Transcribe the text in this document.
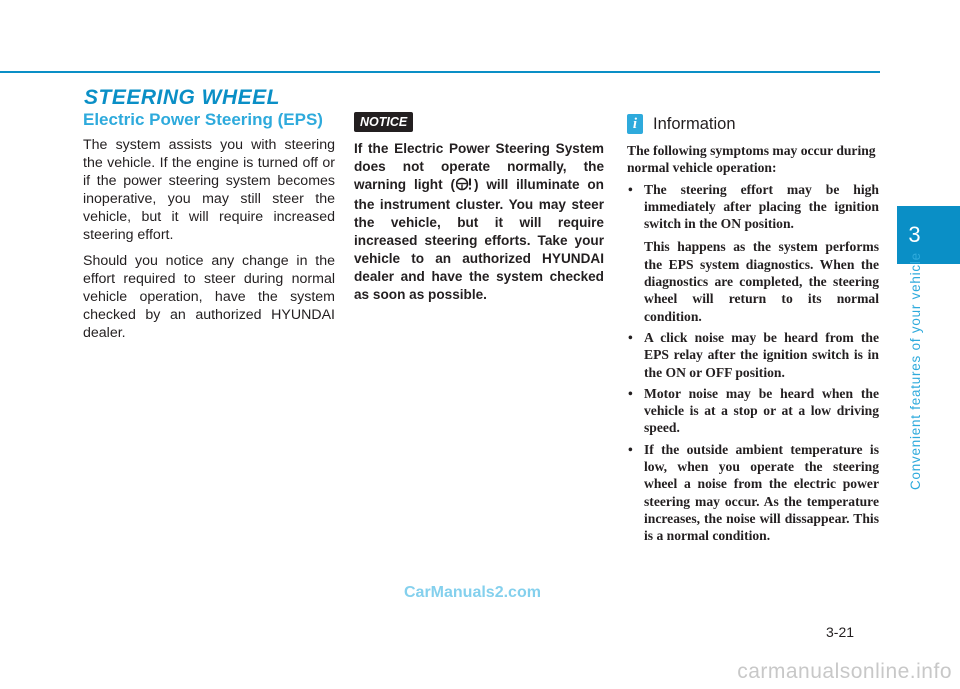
STEERING WHEEL
Electric Power Steering (EPS)

The system assists you with steering the vehicle. If the engine is turned off or if the power steering system becomes inoperative, you may still steer the vehicle, but it will require increased steering effort.

Should you notice any change in the effort required to steer during normal vehicle operation, have the system checked by an authorized HYUNDAI dealer.

NOTICE

If the Electric Power Steering System does not operate normally, the warning light ( ) will illuminate on the instrument cluster. You may steer the vehicle, but it will require increased steering efforts. Take your vehicle to an authorized HYUNDAI dealer and have the system checked as soon as possible.

i Information

The following symptoms may occur during normal vehicle operation:

• The steering effort may be high immediately after placing the ignition switch in the ON position.
This happens as the system performs the EPS system diagnostics. When the diagnostics are completed, the steering wheel will return to its normal condition.
• A click noise may be heard from the EPS relay after the ignition switch is in the ON or OFF position.
• Motor noise may be heard when the vehicle is at a stop or at a low driving speed.
• If the outside ambient temperature is low, when you operate the steering wheel a noise from the electric power steering may occur. As the temperature increases, the noise will dissappear. This is a normal condition.
3
Convenient features of your vehicle
CarManuals2.com
3-21
carmanualsonline.info
